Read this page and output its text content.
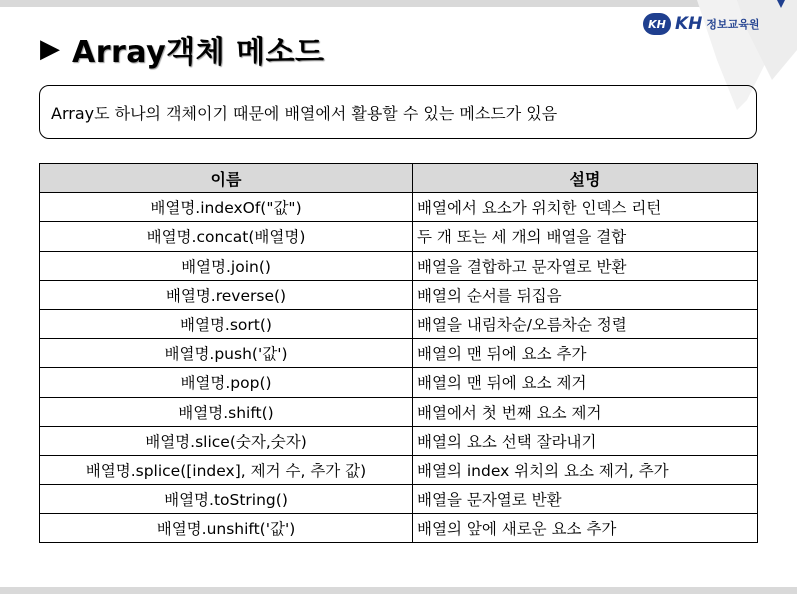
KH KH 정보교육원
▶ Array객체 메소드
Array도 하나의 객체이기 때문에 배열에서 활용할 수 있는 메소드가 있음
이름	설명
배열명.indexOf("값")	배열에서 요소가 위치한 인덱스 리턴
배열명.concat(배열명)	두 개 또는 세 개의 배열을 결합
배열명.join()	배열을 결합하고 문자열로 반환
배열명.reverse()	배열의 순서를 뒤집음
배열명.sort()	배열을 내림차순/오름차순 정렬
배열명.push('값')	배열의 맨 뒤에 요소 추가
배열명.pop()	배열의 맨 뒤에 요소 제거
배열명.shift()	배열에서 첫 번째 요소 제거
배열명.slice(숫자,숫자)	배열의 요소 선택 잘라내기
배열명.splice([index], 제거 수, 추가 값)	배열의 index 위치의 요소 제거, 추가
배열명.toString()	배열을 문자열로 반환
배열명.unshift('값')	배열의 앞에 새로운 요소 추가
